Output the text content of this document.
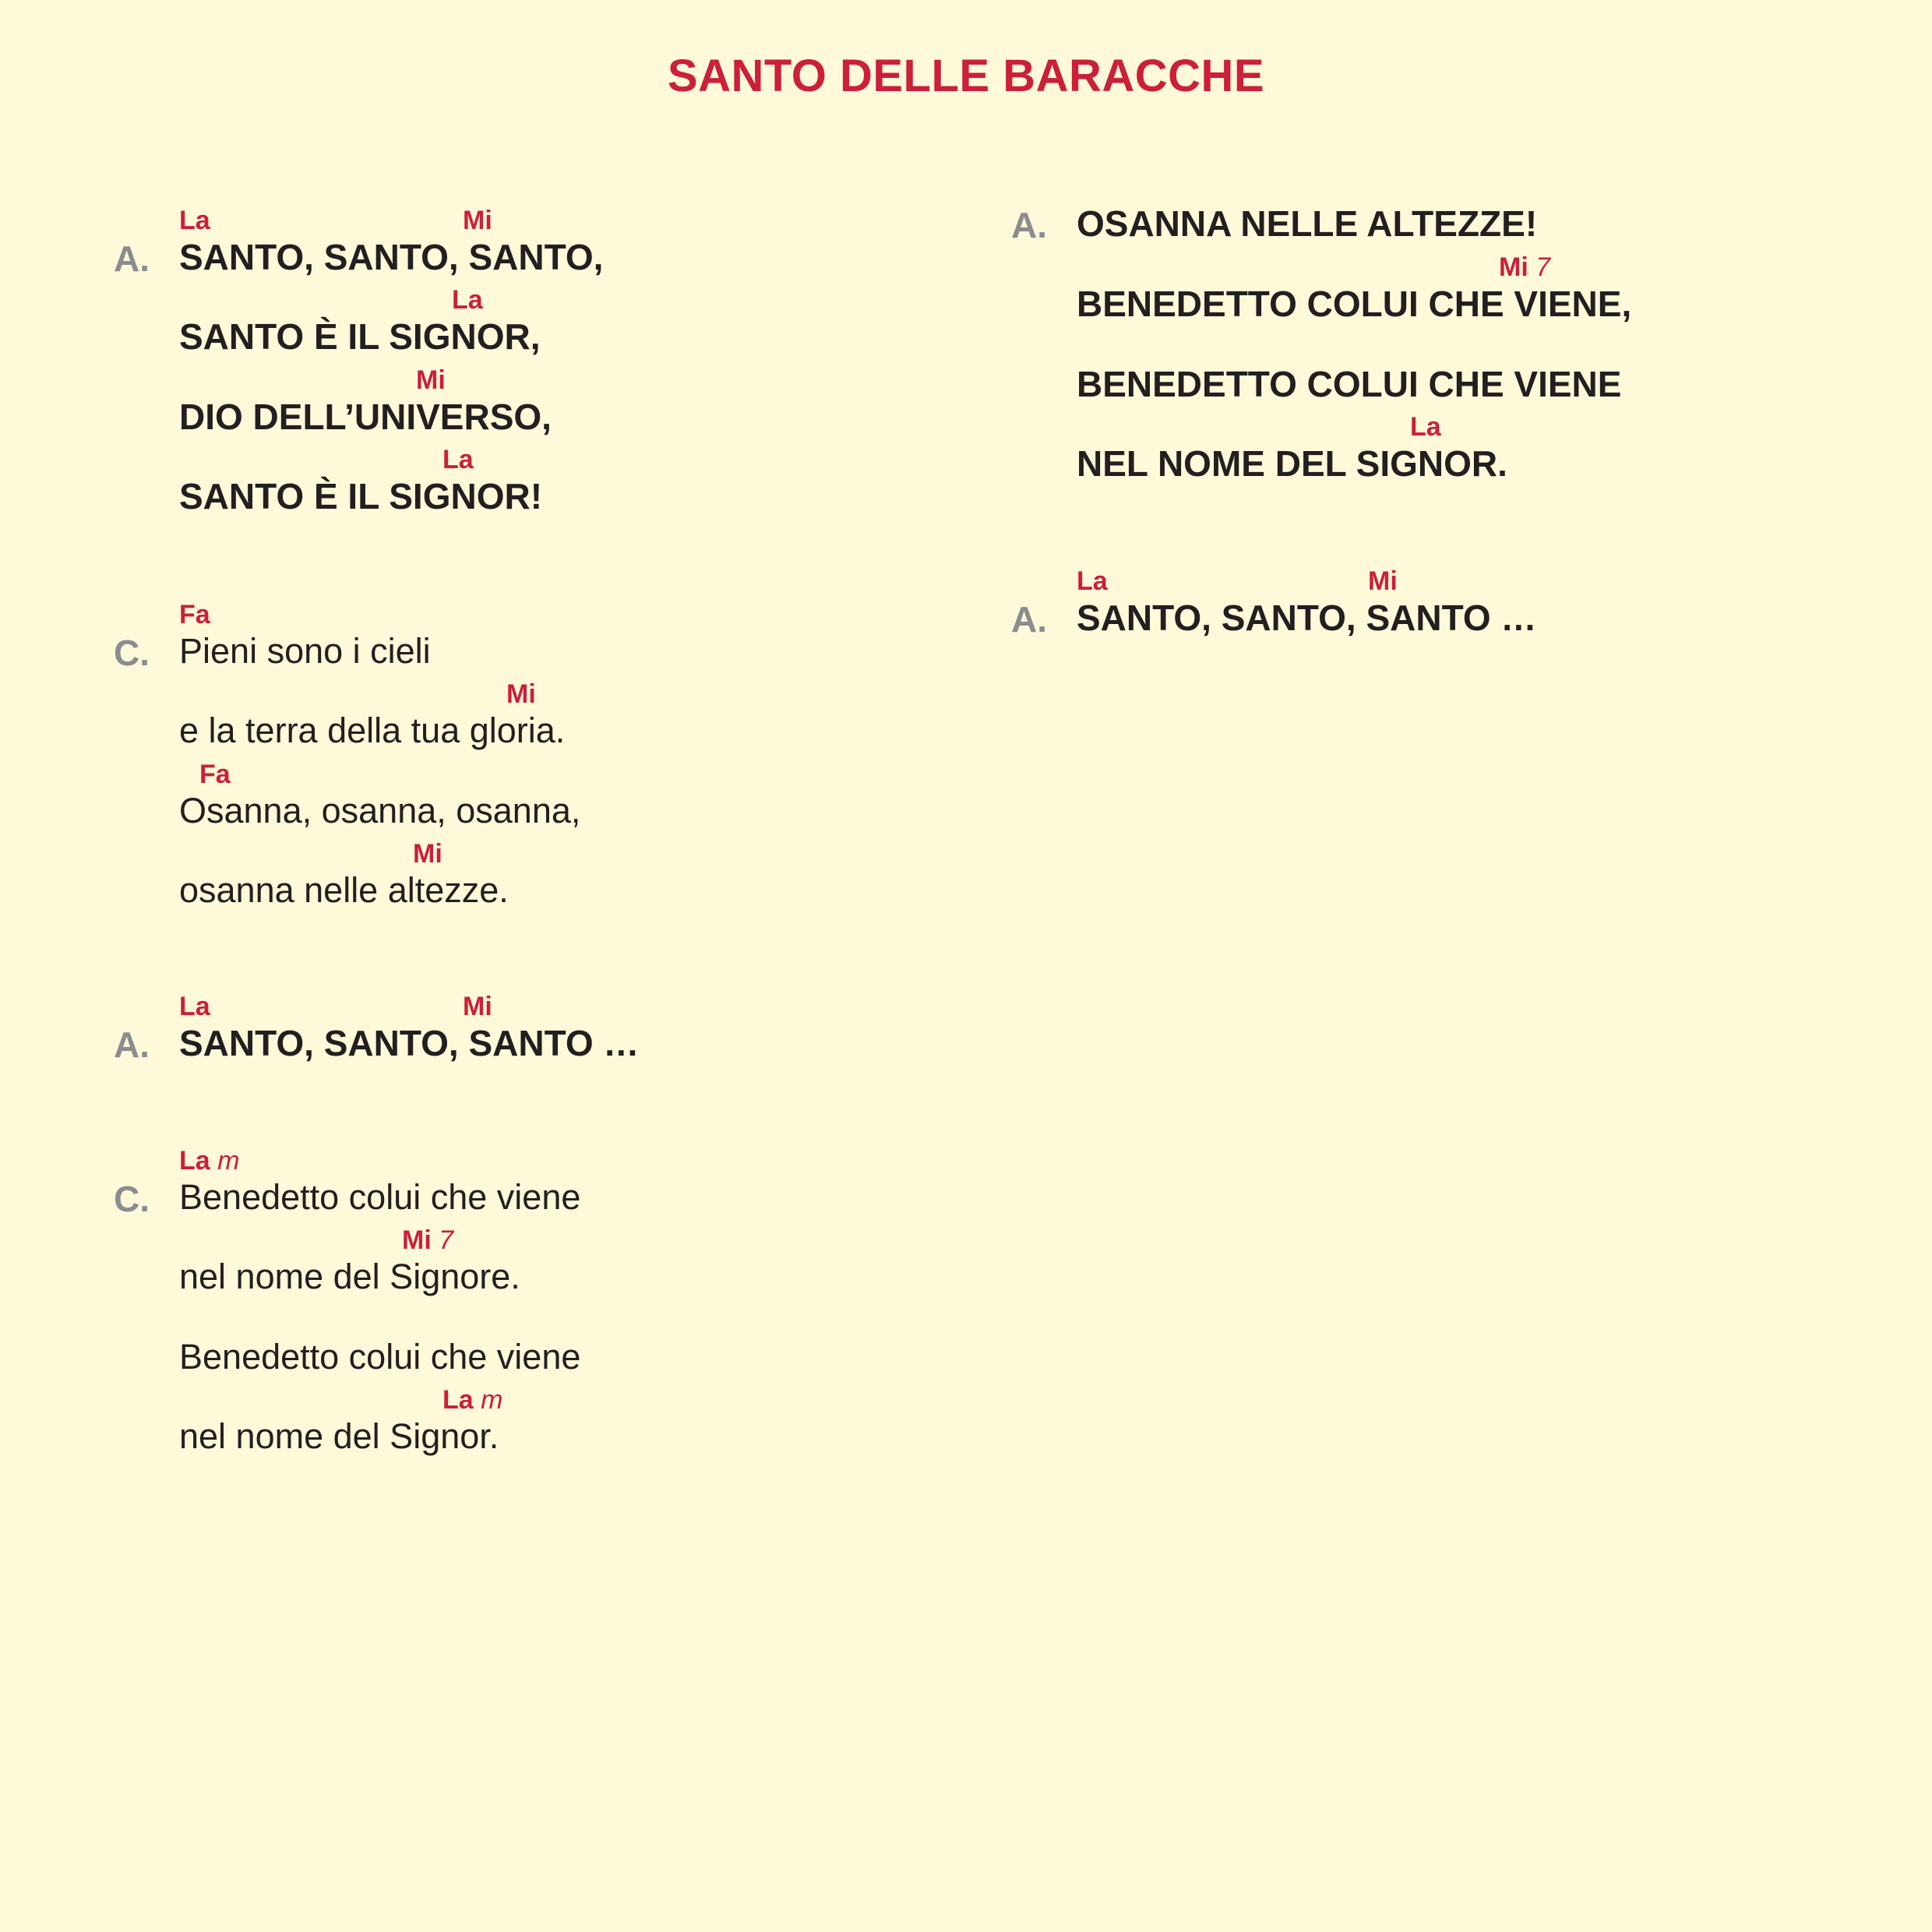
SANTO DELLE BARACCHE
A.
La	Mi
SANTO, SANTO, SANTO,
La
SANTO È IL SIGNOR,
Mi
DIO DELL’UNIVERSO,
La
SANTO È IL SIGNOR!
C.
Fa
Pieni sono i cieli
Mi
e la terra della tua gloria.
Fa
Osanna, osanna, osanna,
Mi
osanna nelle altezze.
A.
La	Mi
SANTO, SANTO, SANTO …
C.
La m
Benedetto colui che viene
Mi 7
nel nome del Signore.
Benedetto colui che viene
La m
nel nome del Signor.
A. OSANNA NELLE ALTEZZE!
Mi 7
BENEDETTO COLUI CHE VIENE,
BENEDETTO COLUI CHE VIENE
La
NEL NOME DEL SIGNOR.
A.
La	Mi
SANTO, SANTO, SANTO …
